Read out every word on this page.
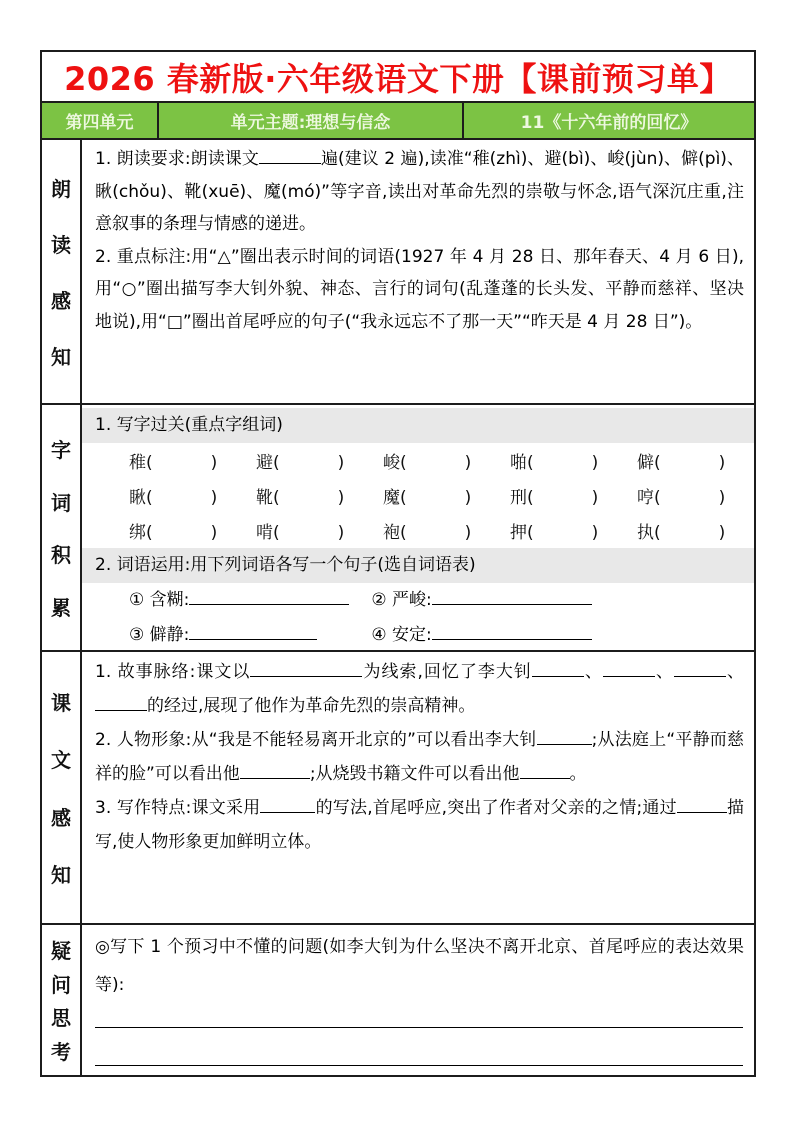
2026 春新版·六年级语文下册【课前预习单】
第四单元	单元主题:理想与信念	11《十六年前的回忆》
朗
读
感
知
1. 朗读要求:朗读课文	遍(建议 2 遍),读准“稚(zhì)、避(bì)、峻(jùn)、僻(pì)、瞅(chǒu)、靴(xuē)、魔(mó)”等字音,读出对革命先烈的崇敬与怀念,语气深沉庄重,注意叙事的条理与情感的递进。
2. 重点标注:用“△”圈出表示时间的词语(1927 年 4 月 28 日、那年春天、4 月 6 日),用“○”圈出描写李大钊外貌、神态、言行的词句(乱蓬蓬的长头发、平静而慈祥、坚决地说),用“□”圈出首尾呼应的句子(“我永远忘不了那一天”“昨天是 4 月 28 日”)。
字
词
积
累
1. 写字过关(重点字组词)
稚 (	) 避 (	) 峻 (	) 啪 (	) 僻 (	)
瞅 (	) 靴 (	) 魔 (	) 刑 (	) 哼 (	)
绑 (	) 啃 (	) 袍 (	) 押 (	) 执 (	)
2. 词语运用:用下列词语各写一个句子(选自词语表)
① 含糊:	② 严峻:
③ 僻静:	④ 安定:
课
文
感
知
1. 故事脉络:课文以	为线索,回忆了李大钊	、	、	、的经过,展现了他作为革命先烈的崇高精神。
2. 人物形象:从“我是不能轻易离开北京的”可以看出李大钊	;从法庭上“平静而慈祥的脸”可以看出他	;从烧毁书籍文件可以看出他	。
3. 写作特点:课文采用	的写法,首尾呼应,突出了作者对父亲的之情;通过	描写,使人物形象更加鲜明立体。
疑
问
思
考
◎写下 1 个预习中不懂的问题(如李大钊为什么坚决不离开北京、首尾呼应的表达效果等):
